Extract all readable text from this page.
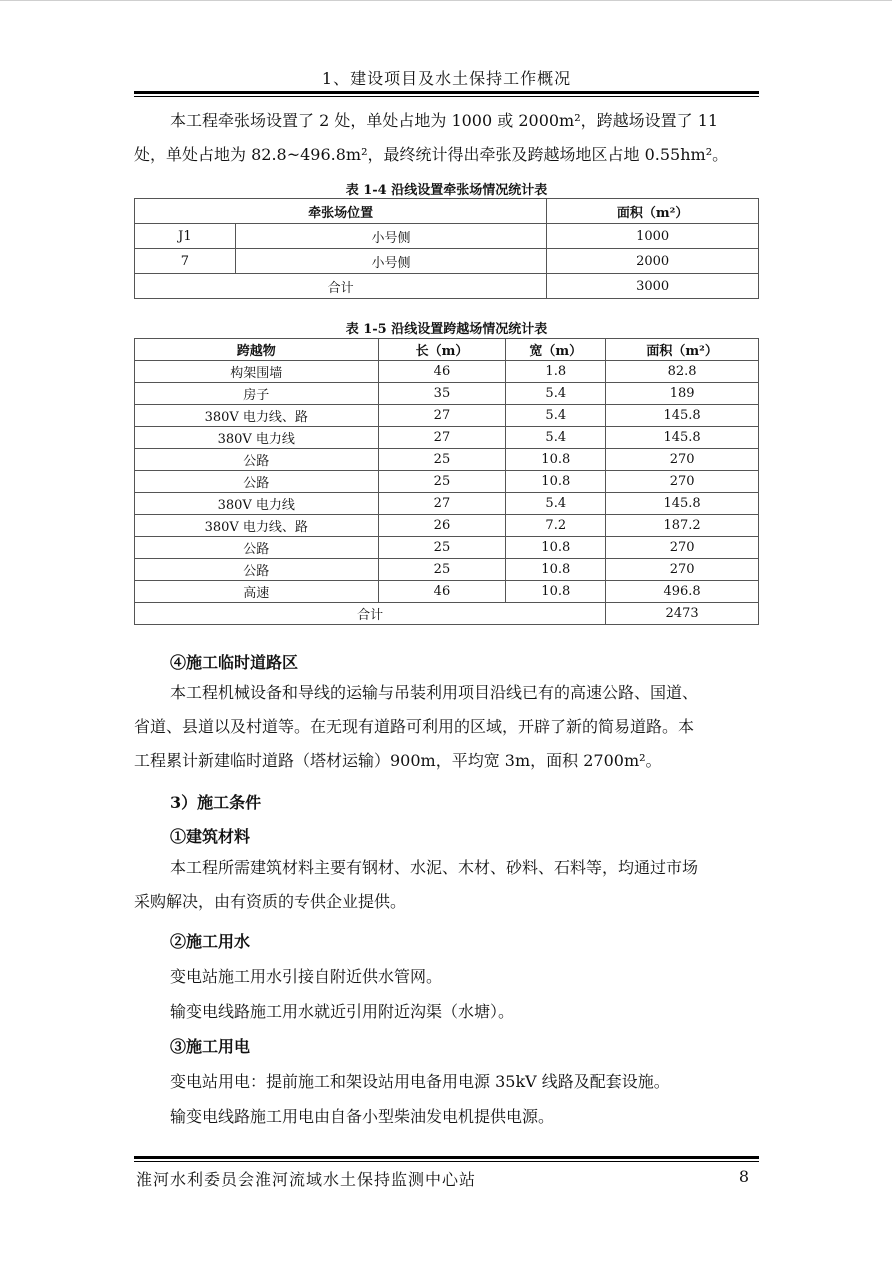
1、建设项目及水土保持工作概况

本工程牵张场设置了 2 处，单处占地为 1000 或 2000m²，跨越场设置了 11

处，单处占地为 82.8~496.8m²，最终统计得出牵张及跨越场地区占地 0.55hm²。

表 1-4 沿线设置牵张场情况统计表
牵张场位置		面积（m²）
J1	小号侧	1000
7	小号侧	2000
合计		3000
表 1-5 沿线设置跨越场情况统计表
跨越物	长（m）	宽（m）	面积（m²）
构架围墙	46	1.8	82.8
房子	35	5.4	189
380V 电力线、路	27	5.4	145.8
380V 电力线	27	5.4	145.8
公路	25	10.8	270
公路	25	10.8	270
380V 电力线	27	5.4	145.8
380V 电力线、路	26	7.2	187.2
公路	25	10.8	270
公路	25	10.8	270
高速	46	10.8	496.8
合计			2473
④施工临时道路区

本工程机械设备和导线的运输与吊装利用项目沿线已有的高速公路、国道、

省道、县道以及村道等。在无现有道路可利用的区域，开辟了新的简易道路。本

工程累计新建临时道路（塔材运输）900m，平均宽 3m，面积 2700m²。

3）施工条件
①建筑材料

本工程所需建筑材料主要有钢材、水泥、木材、砂料、石料等，均通过市场

采购解决，由有资质的专供企业提供。

②施工用水
变电站施工用水引接自附近供水管网。
输变电线路施工用水就近引用附近沟渠（水塘）。
③施工用电
变电站用电：提前施工和架设站用电备用电源 35kV 线路及配套设施。
输变电线路施工用电由自备小型柴油发电机提供电源。
淮河水利委员会淮河流域水土保持监测中心站	8
